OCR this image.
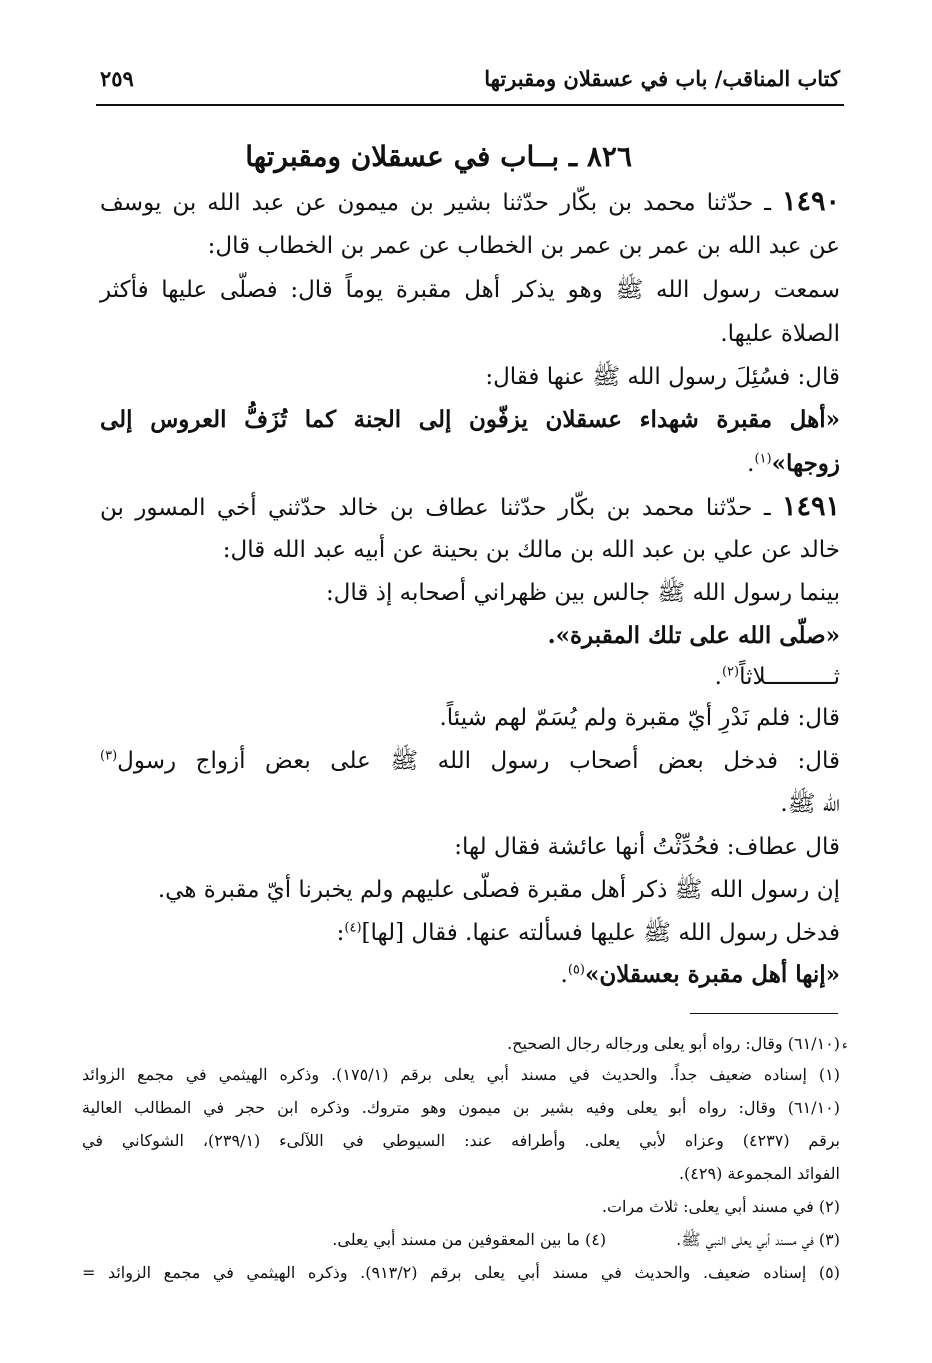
كتاب المناقب/ باب في عسقلان ومقبرتها
٢٥٩
٨٢٦ ـ بــاب في عسقلان ومقبرتها
١٤٩٠ ـ حدّثنا محمد بن بكّار حدّثنا بشير بن ميمون عن عبد الله بن يوسف
عن عبد الله بن عمر بن عمر بن الخطاب عن عمر بن الخطاب قال:
سمعت رسول الله ﷺ وهو يذكر أهل مقبرة يوماً قال: فصلّى عليها فأكثر
الصلاة عليها.
قال: فسُئِلَ رسول الله ﷺ عنها فقال:
«أهل مقبرة شهداء عسقلان يزفّون إلى الجنة كما تُزَفُّ العروس إلى
زوجها»$^{(١)}$.
١٤٩١ ـ حدّثنا محمد بن بكّار حدّثنا عطاف بن خالد حدّثني أخي المسور بن
خالد عن علي بن عبد الله بن مالك بن بحينة عن أبيه عبد الله قال:
بينما رسول الله ﷺ جالس بين ظهراني أصحابه إذ قال:
«صلّى الله على تلك المقبرة».
ثــــــــــلاثاً$^{(٢)}$.
قال: فلم نَدْرِ أيّ مقبرة ولم يُسَمّ لهم شيئاً.
قال: فدخل بعض أصحاب رسول الله ﷺ على بعض أزواج رسول$^{(٣)}$
الله ﷺ.
قال عطاف: فحُدِّثْتُ أنها عائشة فقال لها:
إن رسول الله ﷺ ذكر أهل مقبرة فصلّى عليهم ولم يخبرنا أيّ مقبرة هي.
فدخل رسول الله ﷺ عليها فسألته عنها. فقال [لها]$^{(٤)}$:
«إنها أهل مقبرة بعسقلان»$^{(٥)}$.
ء
(٦١/١٠) وقال: رواه أبو يعلى ورجاله رجال الصحيح.
(١) إسناده ضعيف جداً. والحديث في مسند أبي يعلى برقم (١٧٥/١). وذكره الهيثمي في مجمع الزوائد
(٦١/١٠) وقال: رواه أبو يعلى وفيه بشير بن ميمون وهو متروك. وذكره ابن حجر في المطالب العالية
برقم (٤٢٣٧) وعزاه لأبي يعلى. وأطرافه عند: السيوطي في اللآلىء (٢٣٩/١)، الشوكاني في
الفوائد المجموعة (٤٢٩).
(٢) في مسند أبي يعلى: ثلاث مرات.
(٣) في مسند أبي يعلى النبي ﷺ.(٤) ما بين المعقوفين من مسند أبي يعلى.
(٥) إسناده ضعيف. والحديث في مسند أبي يعلى برقم (٩١٣/٢). وذكره الهيثمي في مجمع الزوائد =
